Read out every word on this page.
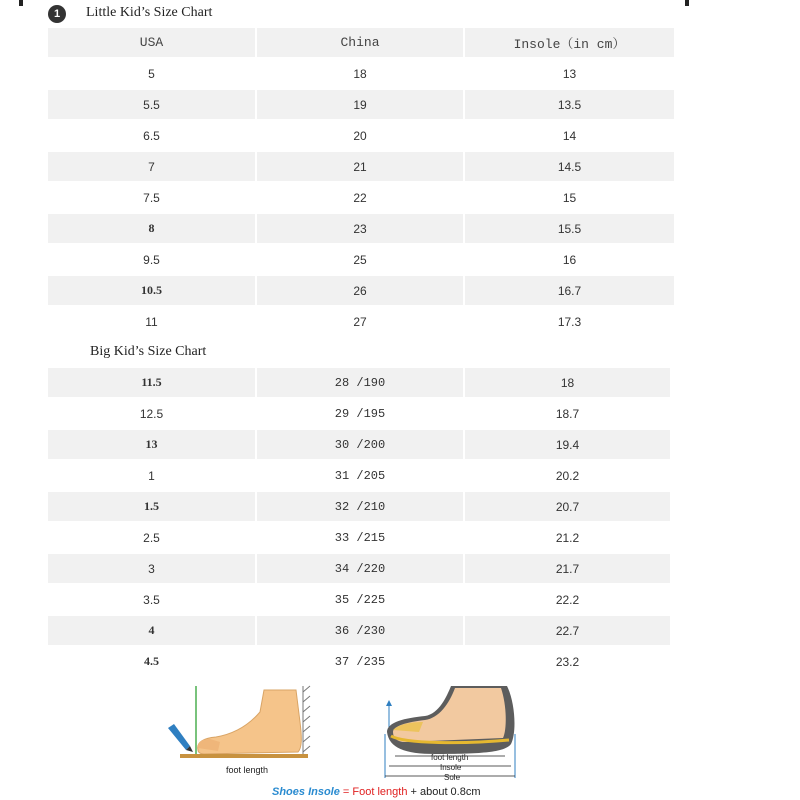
1	Little Kid’s Size Chart
USA	China	Insole（in cm）
5	18	13
5.5	19	13.5
6.5	20	14
7	21	14.5
7.5	22	15
8	23	15.5
9.5	25	16
10.5	26	16.7
11	27	17.3
Big Kid’s Size Chart
11.5	28 /190	18
12.5	29 /195	18.7
13	30 /200	19.4
1	31 /205	20.2
1.5	32 /210	20.7
2.5	33 /215	21.2
3	34 /220	21.7
3.5	35 /225	22.2
4	36 /230	22.7
4.5	37 /235	23.2
foot length
foot length
Insole
Sole
Shoes Insole = Foot length + about 0.8cm
